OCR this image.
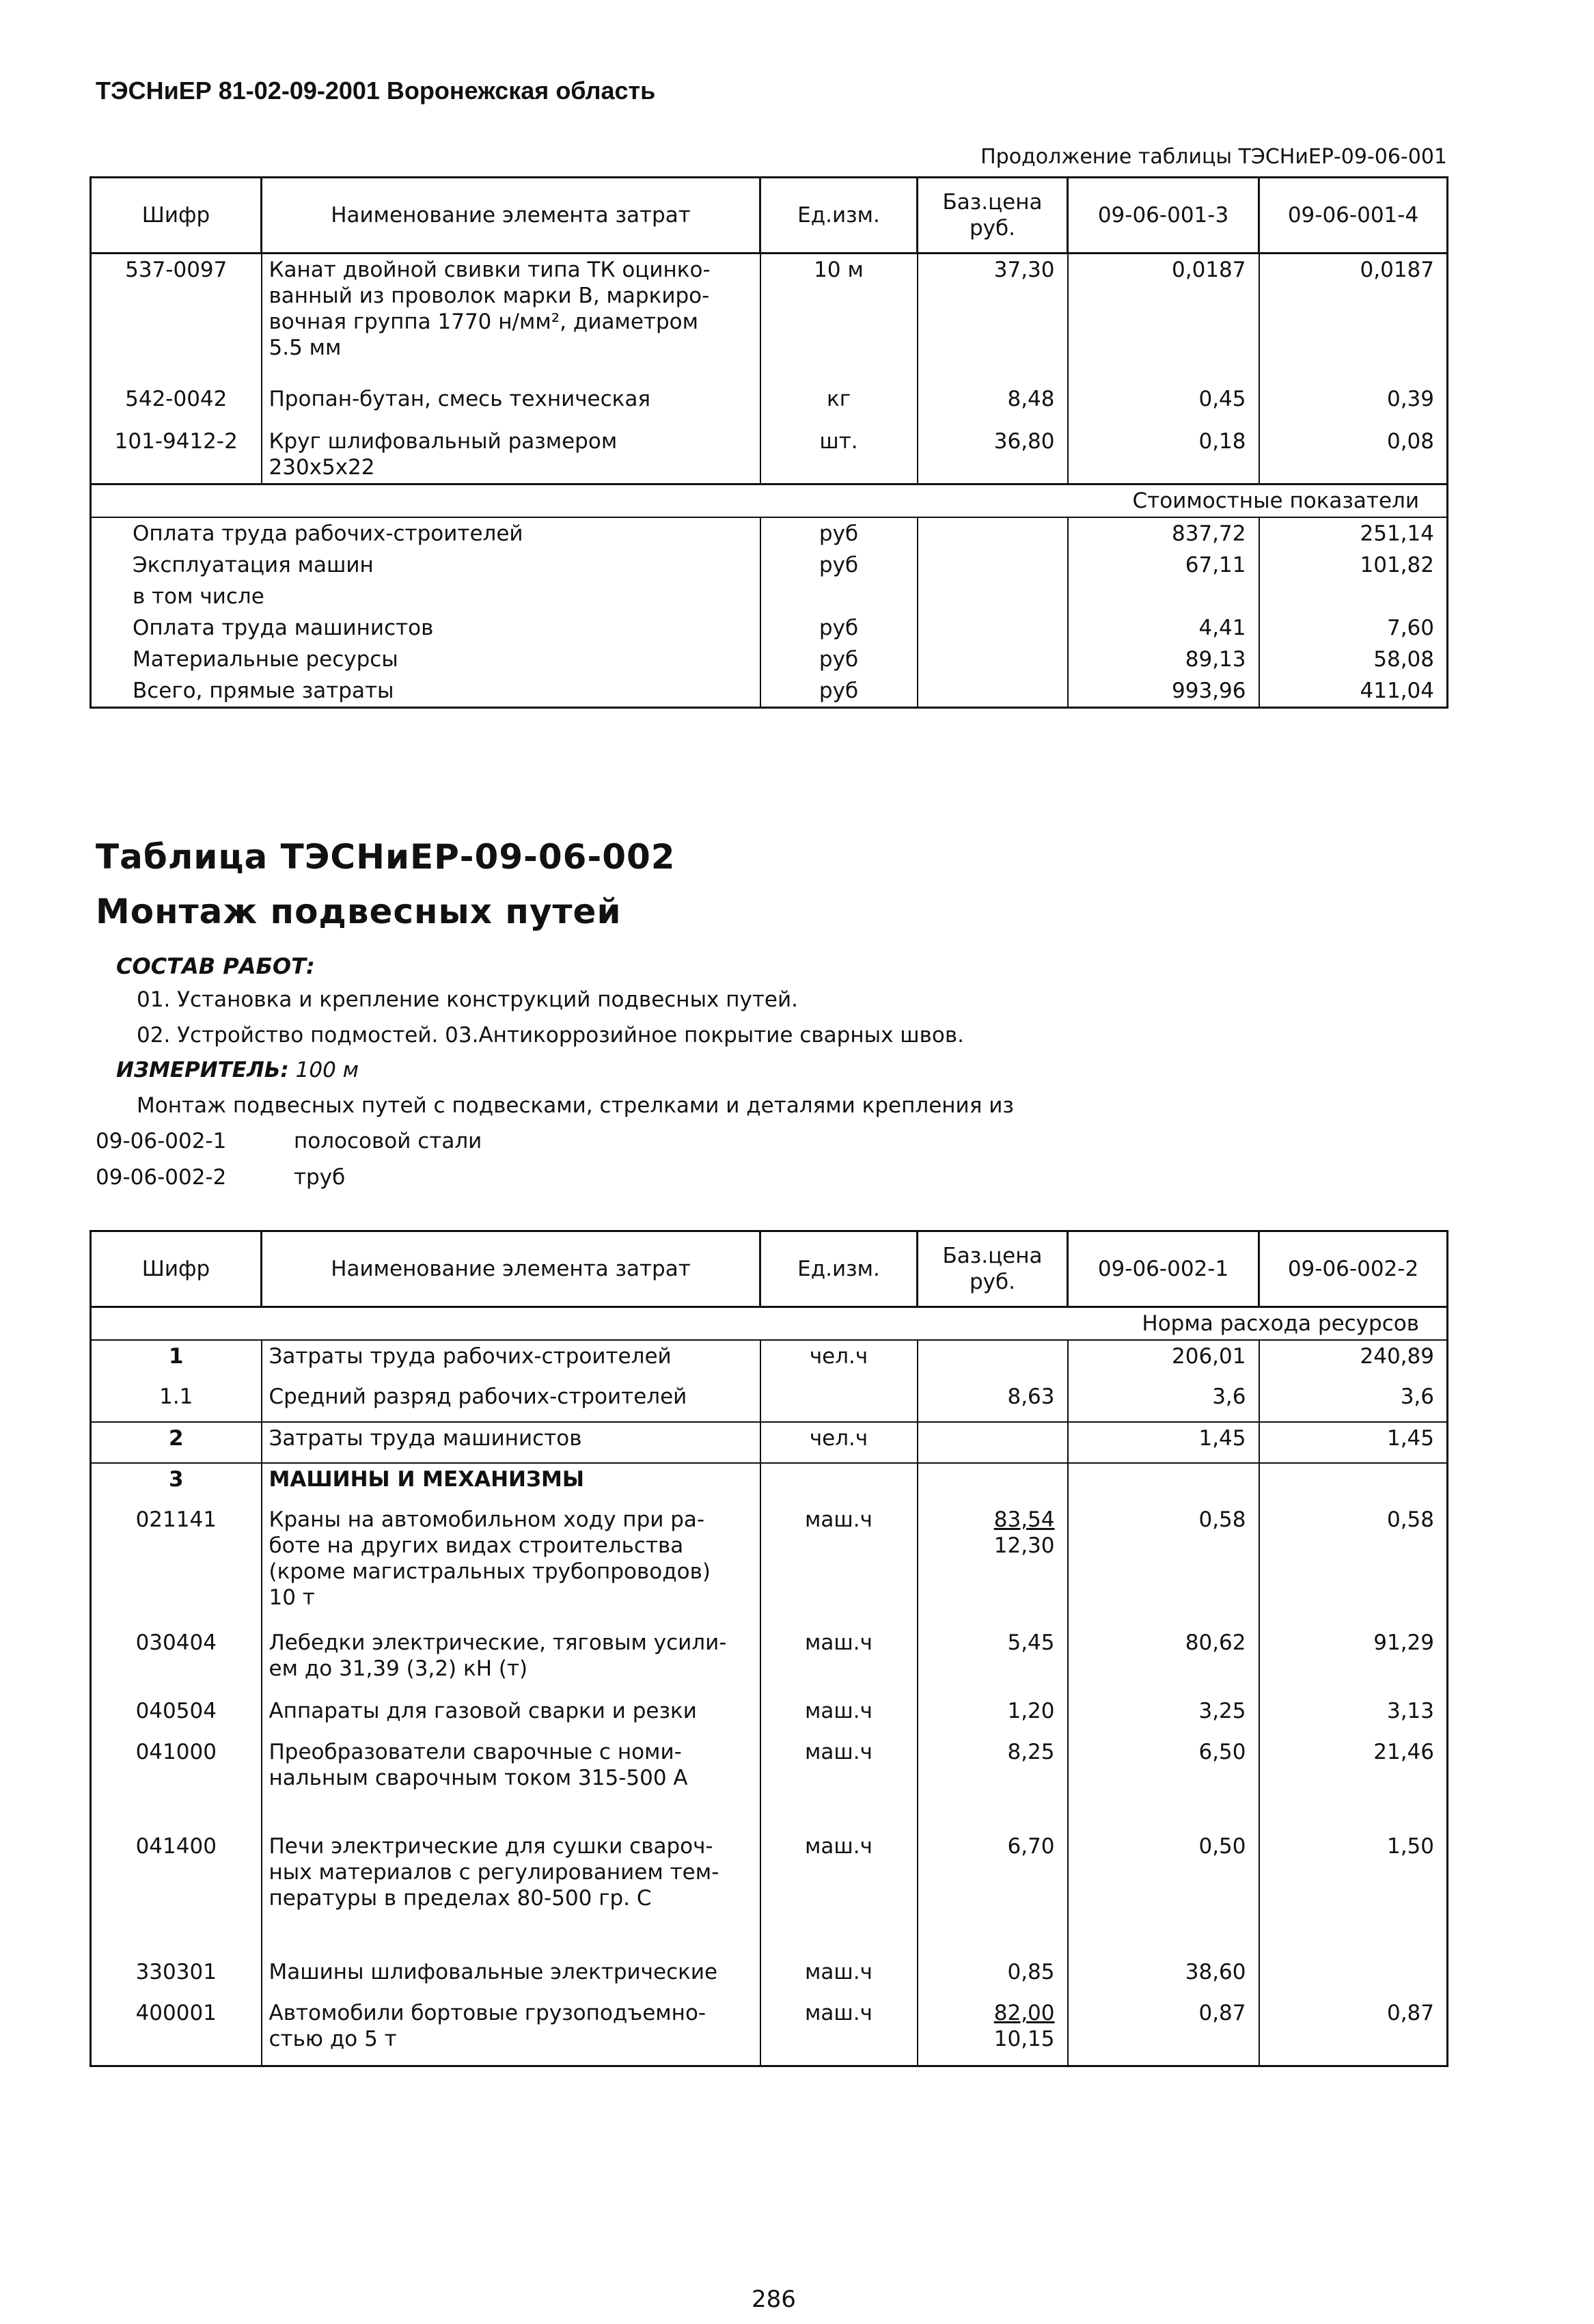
ТЭСНиЕР 81-02-09-2001 Воронежская область
Продолжение таблицы ТЭСНиЕР-09-06-001
Шифр	Наименование элемента затрат	Ед.изм.	Баз.цена руб.	09-06-001-3	09-06-001-4
537-0097	Канат двойной свивки типа ТК оцинко-
ванный из проволок марки В, маркиро-
вочная группа 1770 н/мм², диаметром
5.5 мм	10 м	37,30	0,0187	0,0187
542-0042	Пропан-бутан, смесь техническая	кг	8,48	0,45	0,39
101-9412-2	Круг шлифовальный размером
230х5х22	шт.	36,80	0,18	0,08
Стоимостные показатели					
Оплата труда рабочих-строителей		руб		837,72	251,14
Эксплуатация машин		руб		67,11	101,82
в том числе					
Оплата труда машинистов		руб		4,41	7,60
Материальные ресурсы		руб		89,13	58,08
Всего, прямые затраты		руб		993,96	411,04
Таблица ТЭСНиЕР-09-06-002
Монтаж подвесных путей
СОСТАВ РАБОТ:
01. Установка и крепление конструкций подвесных путей.
02. Устройство подмостей. 03.Антикоррозийное покрытие сварных швов.
ИЗМЕРИТЕЛЬ: 100 м
Монтаж подвесных путей с подвесками, стрелками и деталями крепления из
09-06-002-1	полосовой стали
09-06-002-2	труб
Шифр	Наименование элемента затрат	Ед.изм.	Баз.цена руб.	09-06-002-1	09-06-002-2
Норма расхода ресурсов					
1	Затраты труда рабочих-строителей	чел.ч		206,01	240,89
1.1	Средний разряд рабочих-строителей		8,63	3,6	3,6
2	Затраты труда машинистов	чел.ч		1,45	1,45
3	МАШИНЫ И МЕХАНИЗМЫ				
021141	Краны на автомобильном ходу при ра-
боте на других видах строительства
(кроме магистральных трубопроводов)
10 т	маш.ч	83,54
12,30	0,58	0,58
030404	Лебедки электрические, тяговым усили-
ем до 31,39 (3,2) кН (т)	маш.ч	5,45	80,62	91,29
040504	Аппараты для газовой сварки и резки	маш.ч	1,20	3,25	3,13
041000	Преобразователи сварочные с номи-
нальным сварочным током 315-500 А	маш.ч	8,25	6,50	21,46
041400	Печи электрические для сушки свароч-
ных материалов с регулированием тем-
пературы в пределах 80-500 гр. С	маш.ч	6,70	0,50	1,50
330301	Машины шлифовальные электрические	маш.ч	0,85	38,60	
400001	Автомобили бортовые грузоподъемно-
стью до 5 т	маш.ч	82,00
10,15	0,87	0,87
286
